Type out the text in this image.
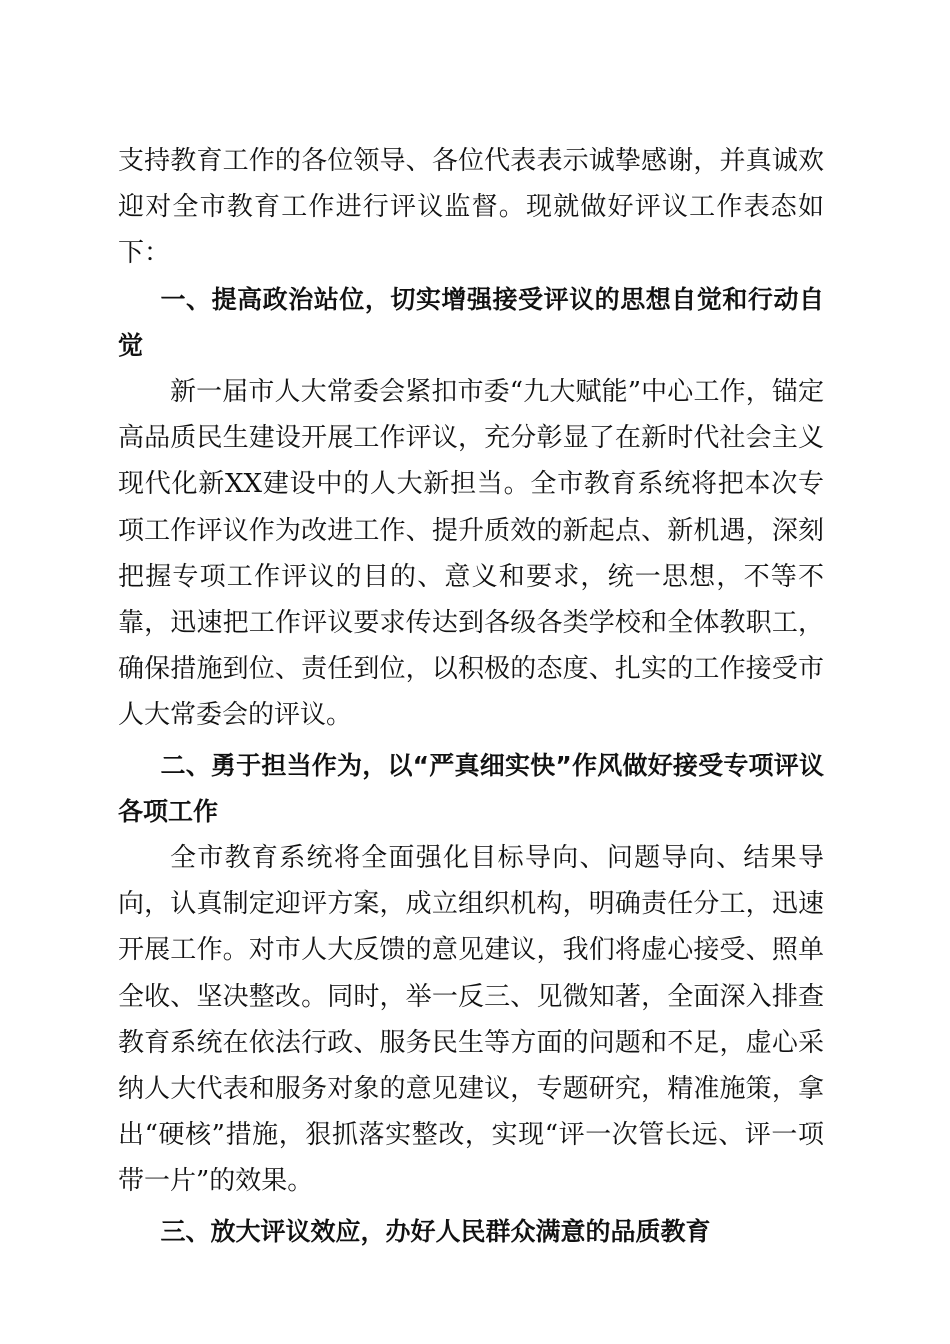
支持教育工作的各位领导、各位代表表示诚挚感谢，并真诚欢迎对全市教育工作进行评议监督。现就做好评议工作表态如下：

一、提高政治站位，切实增强接受评议的思想自觉和行动自觉

新一届市人大常委会紧扣市委“九大赋能”中心工作，锚定高品质民生建设开展工作评议，充分彰显了在新时代社会主义现代化新XX建设中的人大新担当。全市教育系统将把本次专项工作评议作为改进工作、提升质效的新起点、新机遇，深刻把握专项工作评议的目的、意义和要求，统一思想，不等不靠，迅速把工作评议要求传达到各级各类学校和全体教职工，确保措施到位、责任到位，以积极的态度、扎实的工作接受市人大常委会的评议。

二、勇于担当作为，以“严真细实快”作风做好接受专项评议各项工作

全市教育系统将全面强化目标导向、问题导向、结果导向，认真制定迎评方案，成立组织机构，明确责任分工，迅速开展工作。对市人大反馈的意见建议，我们将虚心接受、照单全收、坚决整改。同时，举一反三、见微知著，全面深入排查教育系统在依法行政、服务民生等方面的问题和不足，虚心采纳人大代表和服务对象的意见建议，专题研究，精准施策，拿出“硬核”措施，狠抓落实整改，实现“评一次管长远、评一项带一片”的效果。

三、放大评议效应，办好人民群众满意的品质教育
